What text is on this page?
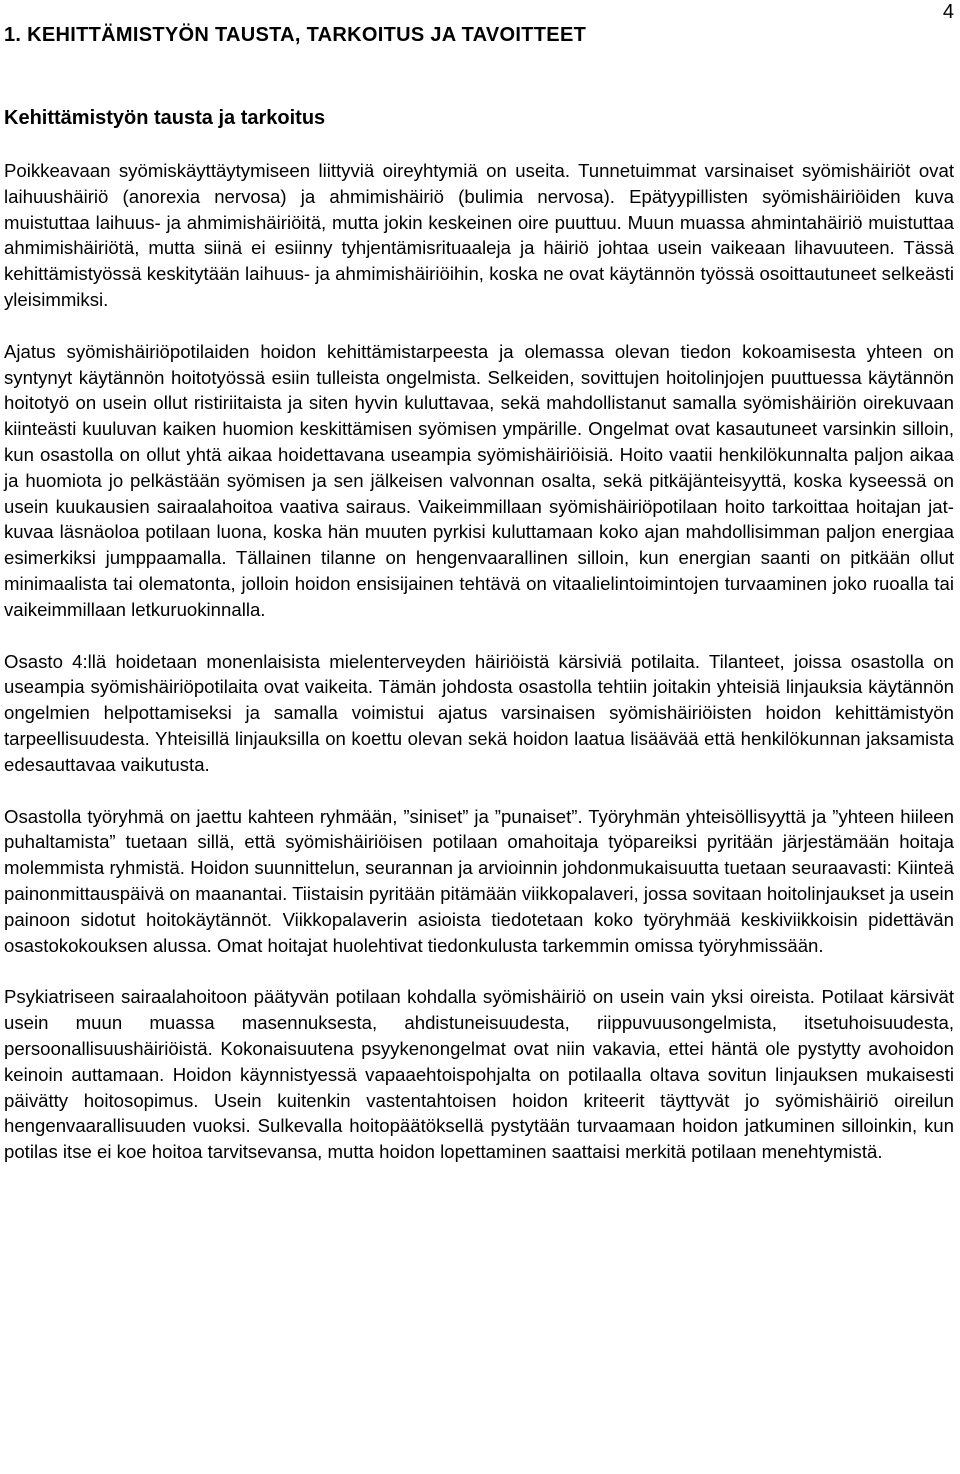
4
1. KEHITTÄMISTYÖN TAUSTA, TARKOITUS JA TAVOITTEET
Kehittämistyön tausta ja tarkoitus

Poikkeavaan syömiskäyttäytymiseen liittyviä oireyhtymiä on useita. Tunnetuimmat varsinaiset syömishäiriöt ovat laihuushäiriö (anorexia nervosa) ja ahmimishäiriö (bulimia nervosa). Epätyypillisten syömishäiriöiden kuva muistuttaa laihuus- ja ahmimishäiriöitä, mutta jokin keskeinen oire puuttuu. Muun muassa ahmintahäiriö muistuttaa ahmimishäiriötä, mutta siinä ei esiinny tyhjentämisrituaaleja ja häiriö johtaa usein vaikeaan lihavuuteen. Tässä kehittämistyössä keskitytään laihuus- ja ahmimishäiriöihin, koska ne ovat käytännön työssä osoittautuneet selkeästi yleisimmiksi.

Ajatus syömishäiriöpotilaiden hoidon kehittämistarpeesta ja olemassa olevan tiedon kokoamisesta yhteen on syntynyt käytännön hoitotyössä esiin tulleista ongelmista. Selkeiden, sovittujen hoitolinjojen puuttuessa käytännön hoitotyö on usein ollut ristiriitaista ja siten hyvin kuluttavaa, sekä mahdollistanut samalla syömishäiriön oirekuvaan kiinteästi kuuluvan kaiken huomion keskittämisen syömisen ympärille. Ongelmat ovat kasautuneet varsinkin silloin, kun osastolla on ollut yhtä aikaa hoidettavana useampia syömishäiriöisiä. Hoito vaatii henkilökunnalta paljon aikaa ja huomiota jo pelkästään syömisen ja sen jälkeisen valvonnan osalta, sekä pitkäjänteisyyttä, koska kyseessä on usein kuukausien sairaalahoitoa vaativa sairaus. Vaikeimmillaan syömishäiriöpotilaan hoito tarkoittaa hoitajan jatkuvaa läsnäoloa potilaan luona, koska hän muuten pyrkisi kuluttamaan koko ajan mahdollisimman paljon energiaa esimerkiksi jumppaamalla. Tällainen tilanne on hengenvaarallinen silloin, kun energian saanti on pitkään ollut minimaalista tai olematonta, jolloin hoidon ensisijainen tehtävä on vitaalielintoimintojen turvaaminen joko ruoalla tai vaikeimmillaan letkuruokinnalla.

Osasto 4:llä hoidetaan monenlaisista mielenterveyden häiriöistä kärsiviä potilaita. Tilanteet, joissa osastolla on useampia syömishäiriöpotilaita ovat vaikeita. Tämän johdosta osastolla tehtiin joitakin yhteisiä linjauksia käytännön ongelmien helpottamiseksi ja samalla voimistui ajatus varsinaisen syömishäiriöisten hoidon kehittämistyön tarpeellisuudesta. Yhteisillä linjauksilla on koettu olevan sekä hoidon laatua lisäävää että henkilökunnan jaksamista edesauttavaa vaikutusta.

Osastolla työryhmä on jaettu kahteen ryhmään, ”siniset” ja ”punaiset”. Työryhmän yhteisöllisyyttä ja ”yhteen hiileen puhaltamista” tuetaan sillä, että syömishäiriöisen potilaan omahoitaja työpareiksi pyritään järjestämään hoitaja molemmista ryhmistä. Hoidon suunnittelun, seurannan ja arvioinnin johdonmukaisuutta tuetaan seuraavasti: Kiinteä painonmittauspäivä on maanantai. Tiistaisin pyritään pitämään viikkopalaveri, jossa sovitaan hoitolinjaukset ja usein painoon sidotut hoitokäytännöt. Viikkopalaverin asioista tiedotetaan koko työryhmää keskiviikkoisin pidettävän osastokokouksen alussa. Omat hoitajat huolehtivat tiedonkulusta tarkemmin omissa työryhmissään.

Psykiatriseen sairaalahoitoon päätyvän potilaan kohdalla syömishäiriö on usein vain yksi oireista. Potilaat kärsivät usein muun muassa masennuksesta, ahdistuneisuudesta, riippuvuusongelmista, itsetuhoisuudesta, persoonallisuushäiriöistä. Kokonaisuutena psyykenongelmat ovat niin vakavia, ettei häntä ole pystytty avohoidon keinoin auttamaan. Hoidon käynnistyessä vapaaehtoispohjalta on potilaalla oltava sovitun linjauksen mukaisesti päivätty hoitosopimus. Usein kuitenkin vastentahtoisen hoidon kriteerit täyttyvät jo syömishäiriö oireilun hengenvaarallisuuden vuoksi. Sulkevalla hoitopäätöksellä pystytään turvaamaan hoidon jatkuminen silloinkin, kun potilas itse ei koe hoitoa tarvitsevansa, mutta hoidon lopettaminen saattaisi merkitä potilaan menehtymistä.
